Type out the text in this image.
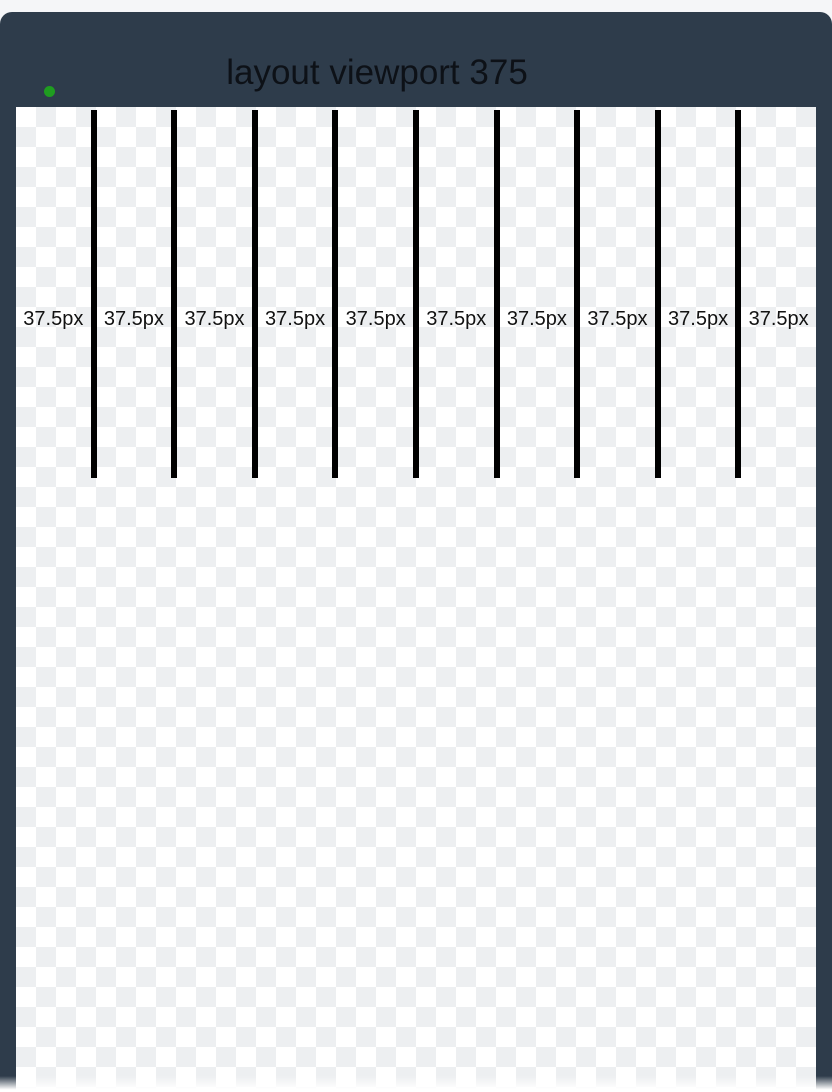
layout viewport 375
37.5px 37.5px 37.5px 37.5px 37.5px 37.5px 37.5px 37.5px 37.5px 37.5px
